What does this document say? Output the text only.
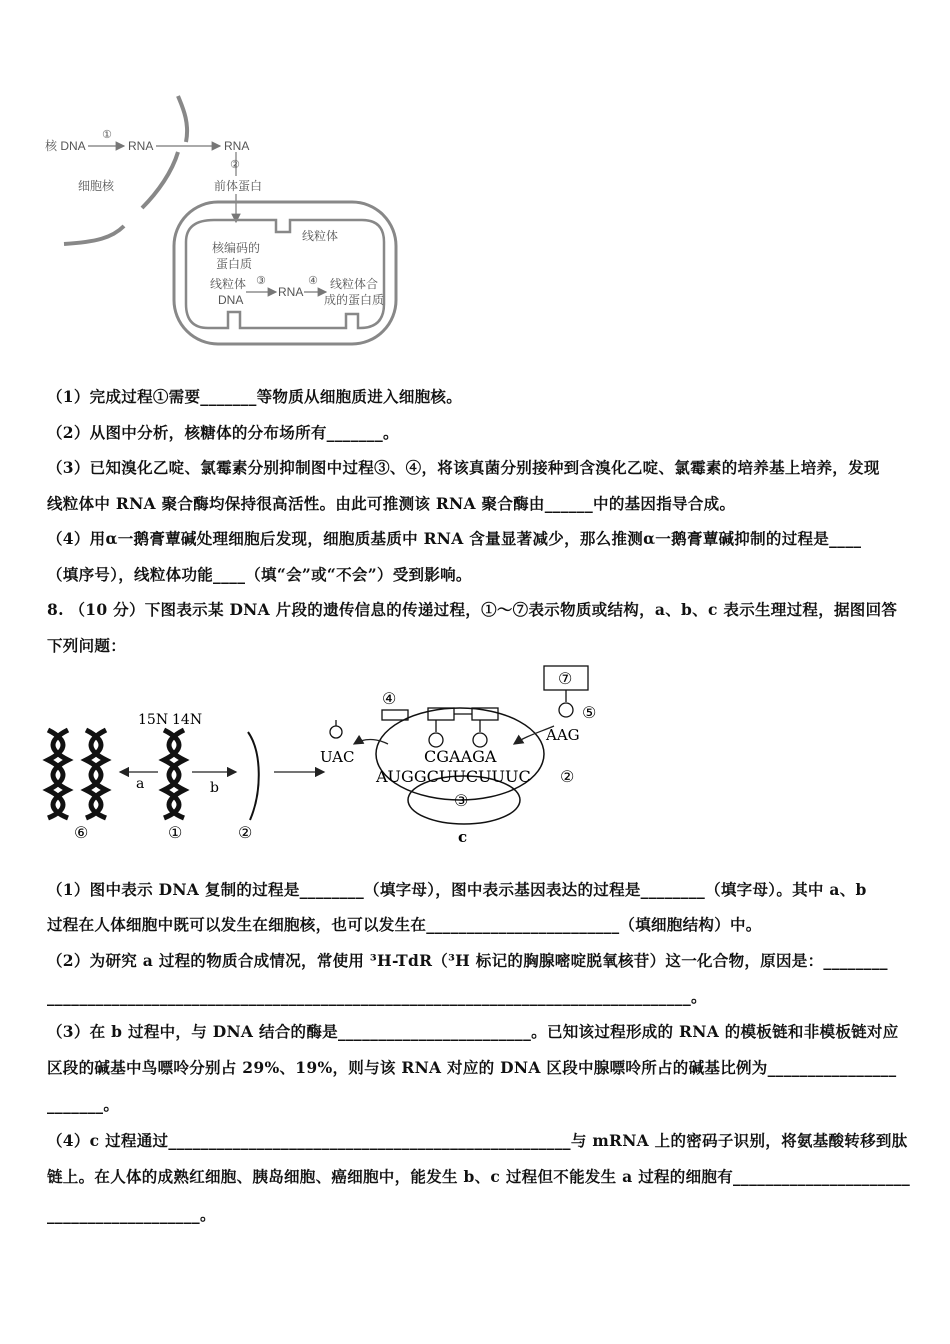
核 DNA
①
RNA	RNA
细胞核
②
前体蛋白
核编码的
蛋白质
线粒体
线粒体
DNA
③
RNA
④ 线粒体合
成的蛋白质
（1）完成过程①需要_______等物质从细胞质进入细胞核。
（2）从图中分析，核糖体的分布场所有_______。
（3）已知溴化乙啶、氯霉素分别抑制图中过程③、④，将该真菌分别接种到含溴化乙啶、氯霉素的培养基上培养，发现
线粒体中 RNA 聚合酶均保持很高活性。由此可推测该 RNA 聚合酶由______中的基因指导合成。
（4）用α一鹅膏蕈碱处理细胞后发现，细胞质基质中 RNA 含量显著减少，那么推测α一鹅膏蕈碱抑制的过程是____
（填序号），线粒体功能____（填“会”或“不会”）受到影响。
8. （10 分）下图表示某 DNA 片段的遗传信息的传递过程，①～⑦表示物质或结构，a、b、c 表示生理过程，据图回答
下列问题：
15N 14N
a	b
⑥	①	②
③
④
UAC
⑦
⑤
AAG
CGAAGA
AUGGCUUCUUUC ②
c
（1）图中表示 DNA 复制的过程是________（填字母），图中表示基因表达的过程是________（填字母）。其中 a、b
过程在人体细胞中既可以发生在细胞核，也可以发生在________________________（填细胞结构）中。
（2）为研究 a 过程的物质合成情况，常使用 ³H-TdR（³H 标记的胸腺嘧啶脱氧核苷）这一化合物，原因是：________
________________________________________________________________________________。
（3）在 b 过程中，与 DNA 结合的酶是________________________。已知该过程形成的 RNA 的模板链和非模板链对应
区段的碱基中鸟嘌呤分别占 29%、19%，则与该 RNA 对应的 DNA 区段中腺嘌呤所占的碱基比例为________________
_______。
（4）c 过程通过__________________________________________________与 mRNA 上的密码子识别，将氨基酸转移到肽
链上。在人体的成熟红细胞、胰岛细胞、癌细胞中，能发生 b、c 过程但不能发生 a 过程的细胞有______________________
___________________。
